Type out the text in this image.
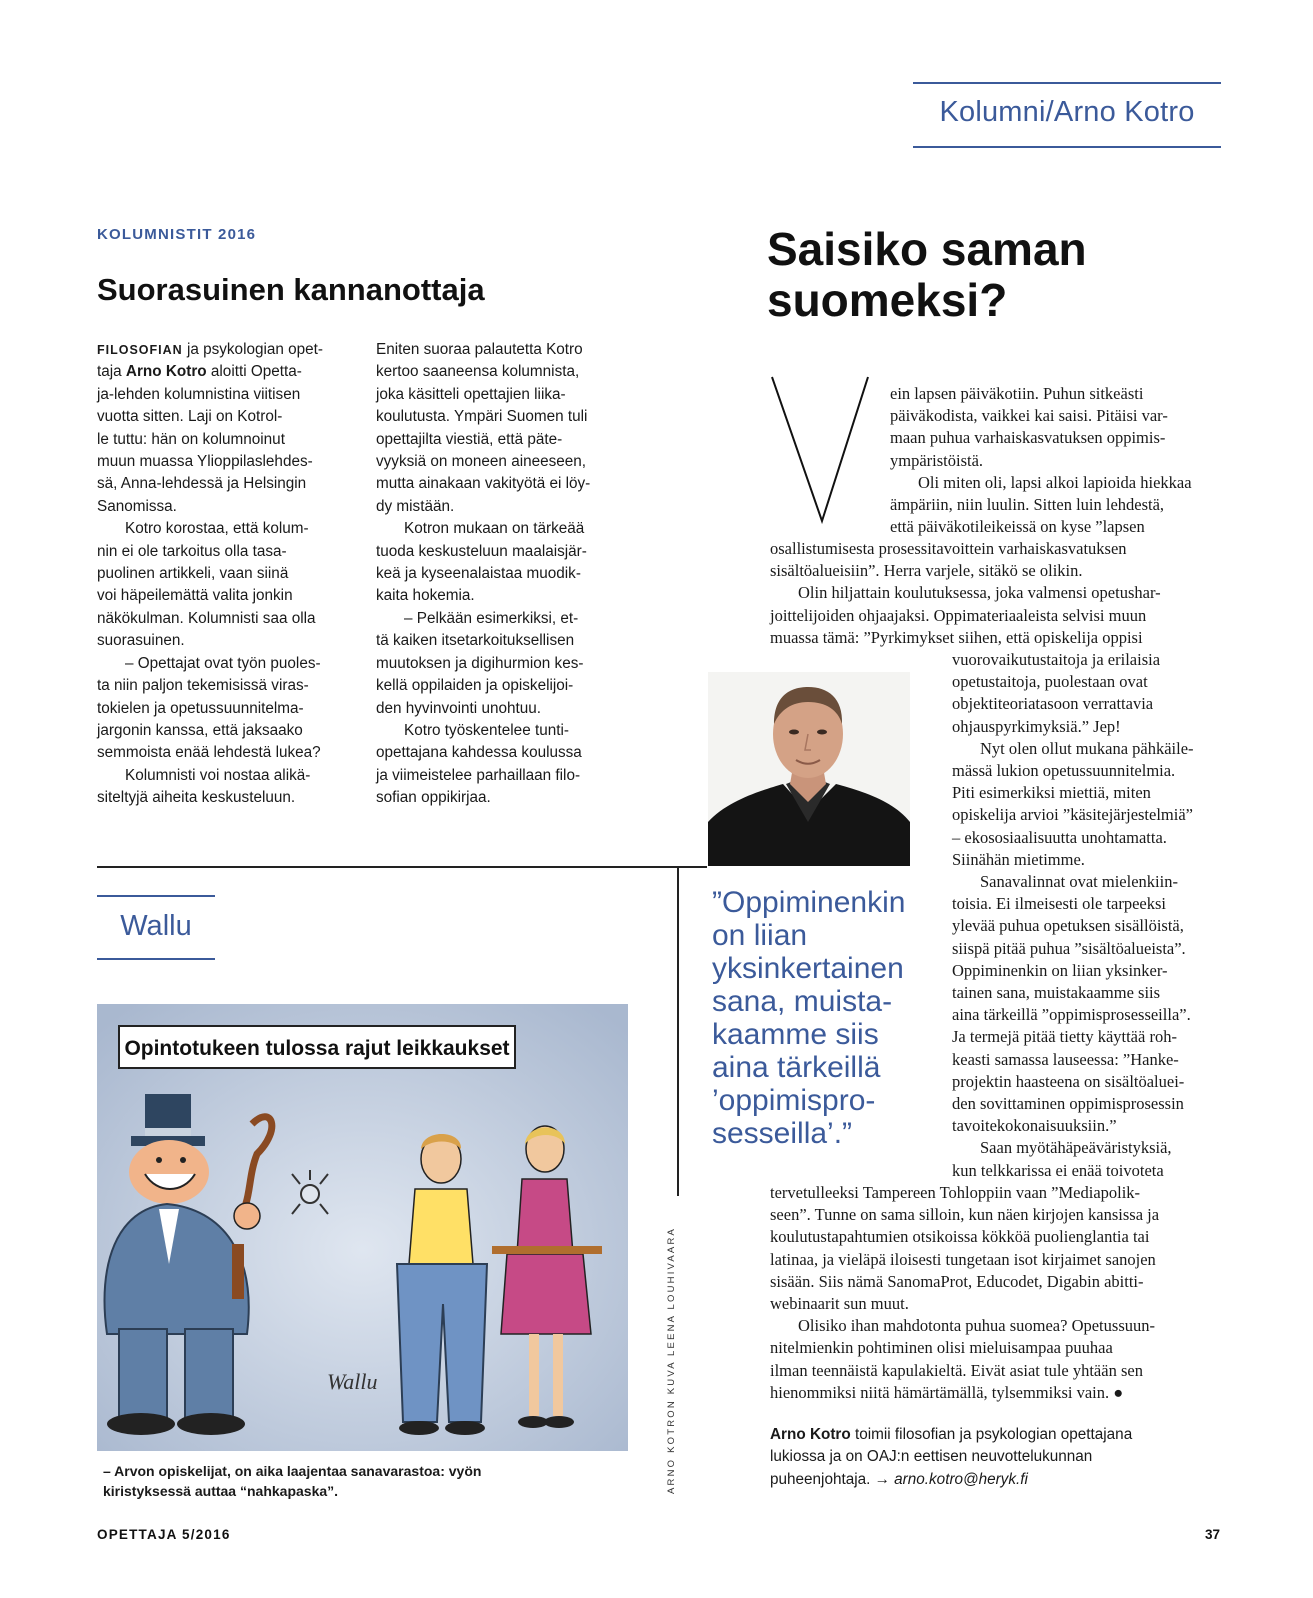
Kolumni/Arno Kotro
KOLUMNISTIT 2016
Suorasuinen kannanottaja
FILOSOFIAN ja psykologian opet-
taja Arno Kotro aloitti Opetta-
ja-lehden kolumnistina viitisen
vuotta sitten. Laji on Kotrol-
le tuttu: hän on kolumnoinut
muun muassa Ylioppilaslehdes-
sä, Anna-lehdessä ja Helsingin
Sanomissa.
Kotro korostaa, että kolum-
nin ei ole tarkoitus olla tasa-
puolinen artikkeli, vaan siinä
voi häpeilemättä valita jonkin
näkökulman. Kolumnisti saa olla
suorasuinen.
– Opettajat ovat työn puoles-
ta niin paljon tekemisissä viras-
tokielen ja opetussuunnitelma-
jargonin kanssa, että jaksaako
semmoista enää lehdestä lukea?
Kolumnisti voi nostaa alikä-
siteltyjä aiheita keskusteluun.
Eniten suoraa palautetta Kotro
kertoo saaneensa kolumnista,
joka käsitteli opettajien liika-
koulutusta. Ympäri Suomen tuli
opettajilta viestiä, että päte-
vyyksiä on moneen aineeseen,
mutta ainakaan vakityötä ei löy-
dy mistään.
Kotron mukaan on tärkeää
tuoda keskusteluun maalaisjär-
keä ja kyseenalaistaa muodik-
kaita hokemia.
– Pelkään esimerkiksi, et-
tä kaiken itsetarkoituksellisen
muutoksen ja digihurmion kes-
kellä oppilaiden ja opiskelijoi-
den hyvinvointi unohtuu.
Kotro työskentelee tunti-
opettajana kahdessa koulussa
ja viimeistelee parhaillaan filo-
sofian oppikirjaa.
Saisiko saman
suomeksi?
ein lapsen päiväkotiin. Puhun sitkeästi
päiväkodista, vaikkei kai saisi. Pitäisi var-
maan puhua varhaiskasvatuksen oppimis-
ympäristöistä.
Oli miten oli, lapsi alkoi lapioida hiekkaa
ämpäriin, niin luulin. Sitten luin lehdestä,
että päiväkotileikeissä on kyse ”lapsen
osallistumisesta prosessitavoittein varhaiskasvatuksen
sisältöalueisiin”. Herra varjele, sitäkö se olikin.
Olin hiljattain koulutuksessa, joka valmensi opetushar-
joittelijoiden ohjaajaksi. Oppimateriaaleista selvisi muun
muassa tämä: ”Pyrkimykset siihen, että opiskelija oppisi
vuorovaikutustaitoja ja erilaisia
opetustaitoja, puolestaan ovat
objektiteoriatasoon verrattavia
ohjauspyrkimyksiä.” Jep!
Nyt olen ollut mukana pähkäile-
mässä lukion opetussuunnitelmia.
Piti esimerkiksi miettiä, miten
opiskelija arvioi ”käsitejärjestelmiä”
– ekososiaalisuutta unohtamatta.
Siinähän mietimme.
Sanavalinnat ovat mielenkiin-
toisia. Ei ilmeisesti ole tarpeeksi
ylevää puhua opetuksen sisällöistä,
siispä pitää puhua ”sisältöalueista”.
Oppiminenkin on liian yksinker-
tainen sana, muistakaamme siis
aina tärkeillä ”oppimisprosesseilla”.
Ja termejä pitää tietty käyttää roh-
keasti samassa lauseessa: ”Hanke-
projektin haasteena on sisältöaluei-
den sovittaminen oppimisprosessin
tavoitekokonaisuuksiin.”
Saan myötähäpeäväristyksiä,
kun telkkarissa ei enää toivoteta
tervetulleeksi Tampereen Tohloppiin vaan ”Mediapolik-
seen”. Tunne on sama silloin, kun näen kirjojen kansissa ja
koulutustapahtumien otsikoissa kökköä puolienglantia tai
latinaa, ja vieläpä iloisesti tungetaan isot kirjaimet sanojen
sisään. Siis nämä SanomaProt, Educodet, Digabin abitti-
webinaarit sun muut.
Olisiko ihan mahdotonta puhua suomea? Opetussuun-
nitelmienkin pohtiminen olisi mieluisampaa puuhaa
ilman teennäistä kapulakieltä. Eivät asiat tule yhtään sen
hienommiksi niitä hämärtämällä, tylsemmiksi vain. ●
”Oppiminenkin
on liian
yksinkertainen
sana, muista-
kaamme siis
aina tärkeillä
’oppimispro-
sesseilla’.”
Wallu
Opintotukeen tulossa rajut leikkaukset
Wallu
– Arvon opiskelijat, on aika laajentaa sanavarastoa: vyön
kiristyksessä auttaa “nahkapaska”.	ARNO KOTRON KUVA LEENA LOUHIVAARA	Arno Kotro toimii filosofian ja psykologian opettajana
lukiossa ja on OAJ:n eettisen neuvottelukunnan
puheenjohtaja. → arno.kotro@heryk.fi
OPETTAJA 5/2016	37
